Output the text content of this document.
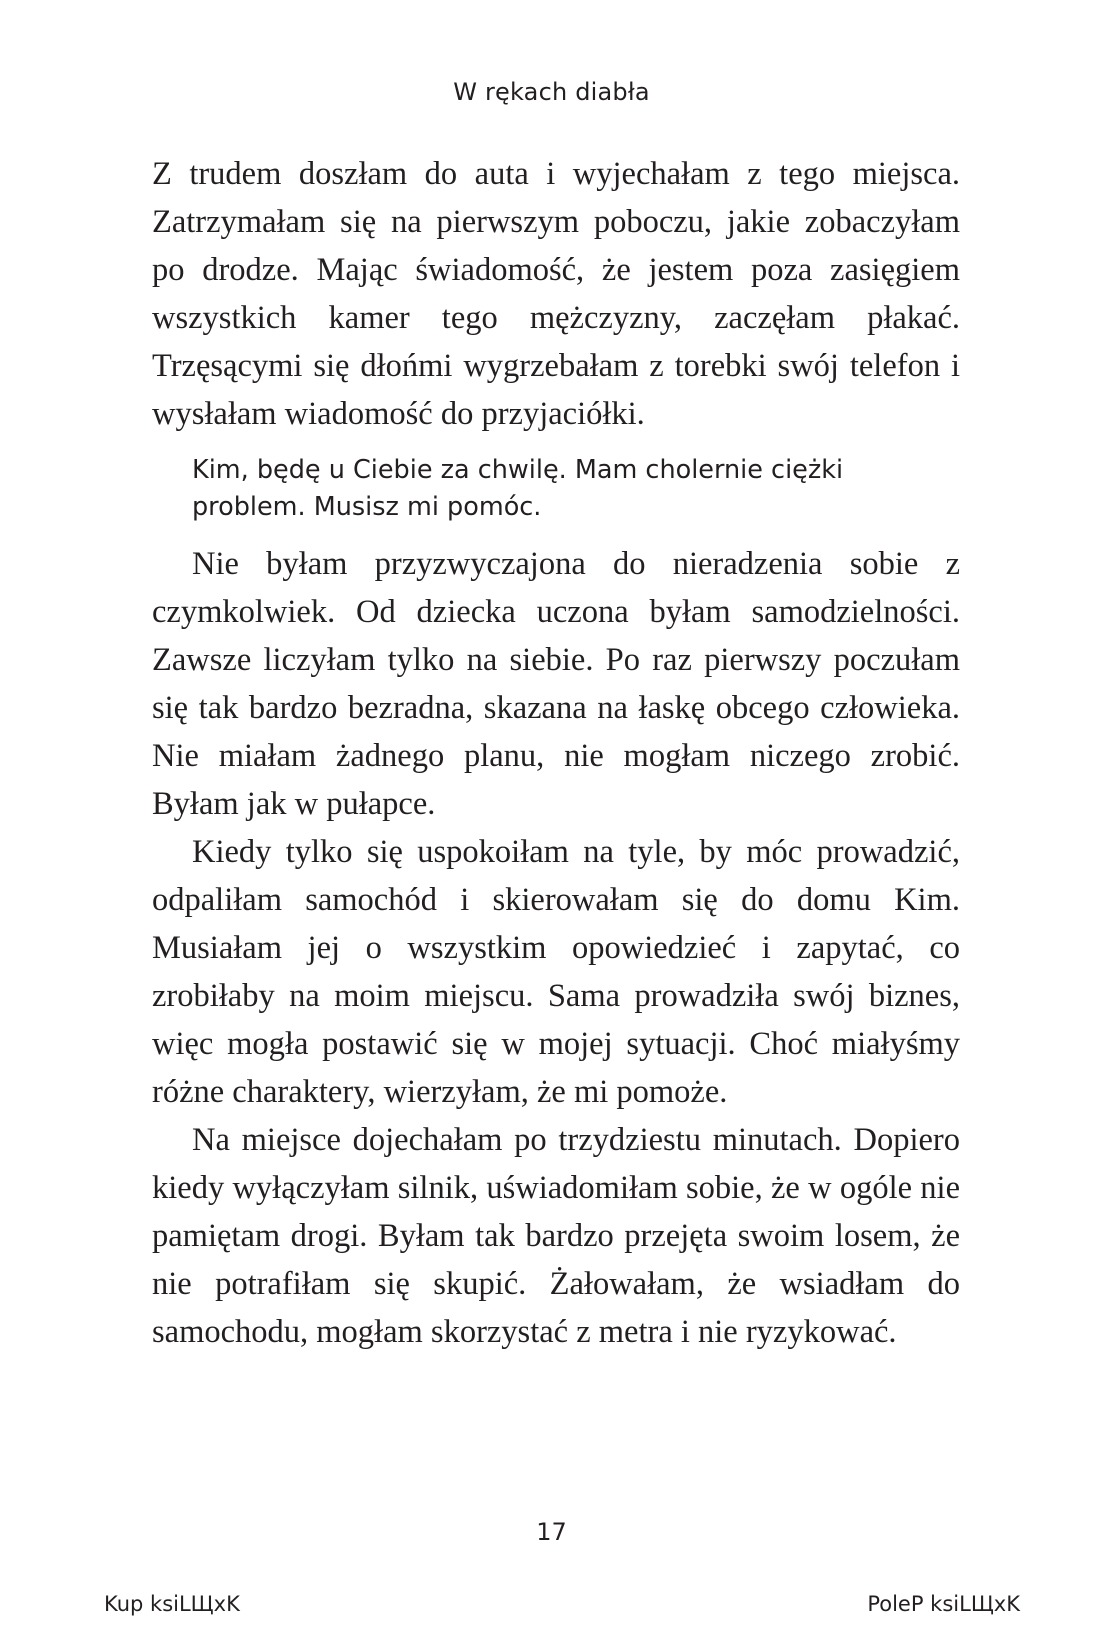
W rękach diabła

Z trudem doszłam do auta i wyjechałam z tego miejsca. Zatrzymałam się na pierwszym poboczu, jakie zobaczyłam po drodze. Mając świadomość, że jestem poza zasięgiem wszystkich kamer tego mężczyzny, zaczęłam płakać. Trzęsącymi się dłońmi wygrzebałam z torebki swój telefon i wysłałam wiadomość do przyjaciółki.

Kim, będę u Ciebie za chwilę. Mam cholernie ciężki problem. Musisz mi pomóc.

Nie byłam przyzwyczajona do nieradzenia sobie z czymkolwiek. Od dziecka uczona byłam samodzielności. Zawsze liczyłam tylko na siebie. Po raz pierwszy poczułam się tak bardzo bezradna, skazana na łaskę obcego człowieka. Nie miałam żadnego planu, nie mogłam niczego zrobić. Byłam jak w pułapce.

Kiedy tylko się uspokoiłam na tyle, by móc prowadzić, odpaliłam samochód i skierowałam się do domu Kim. Musiałam jej o wszystkim opowiedzieć i zapytać, co zrobiłaby na moim miejscu. Sama prowadziła swój biznes, więc mogła postawić się w mojej sytuacji. Choć miałyśmy różne charaktery, wierzyłam, że mi pomoże.

Na miejsce dojechałam po trzydziestu minutach. Dopiero kiedy wyłączyłam silnik, uświadomiłam sobie, że w ogóle nie pamiętam drogi. Byłam tak bardzo przejęta swoim losem, że nie potrafiłam się skupić. Żałowałam, że wsiadłam do samochodu, mogłam skorzystać z metra i nie ryzykować.

17
Kup ksiLЩxK	PoleP ksiLЩxK
